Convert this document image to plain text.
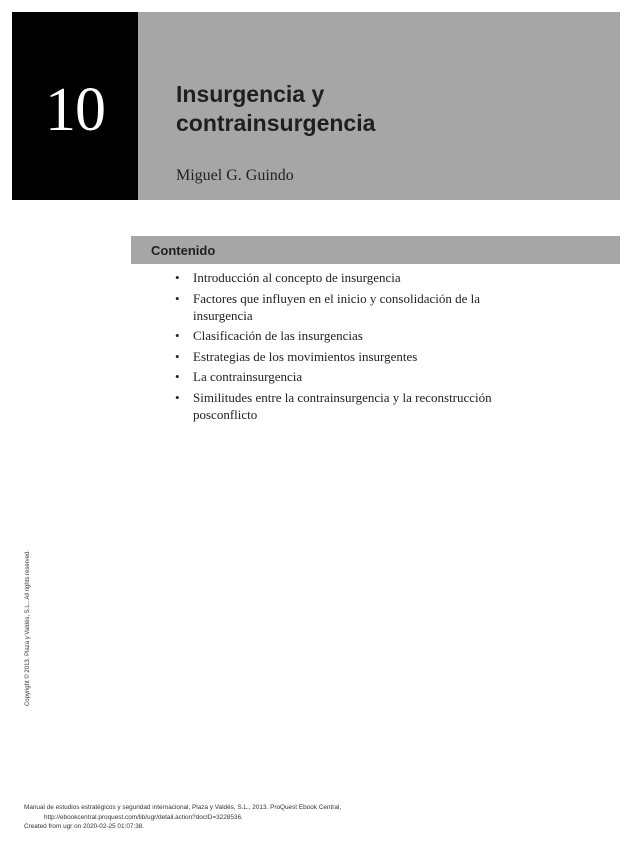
10	Insurgencia y
contrainsurgencia
Miguel G. Guindo
Contenido
• Introducción al concepto de insurgencia
• Factores que influyen en el inicio y consolidación de la insurgencia
• Clasificación de las insurgencias
• Estrategias de los movimientos insurgentes
• La contrainsurgencia
• Similitudes entre la contrainsurgencia y la reconstrucción posconflicto
Copyright © 2013. Plaza y Valdés, S.L.. All rights reserved.
Manual de estudios estratégicos y seguridad internacional, Plaza y Valdés, S.L., 2013. ProQuest Ebook Central,
http://ebookcentral.proquest.com/lib/ugr/detail.action?docID=3228536.
Created from ugr on 2020-02-25 01:07:38.
